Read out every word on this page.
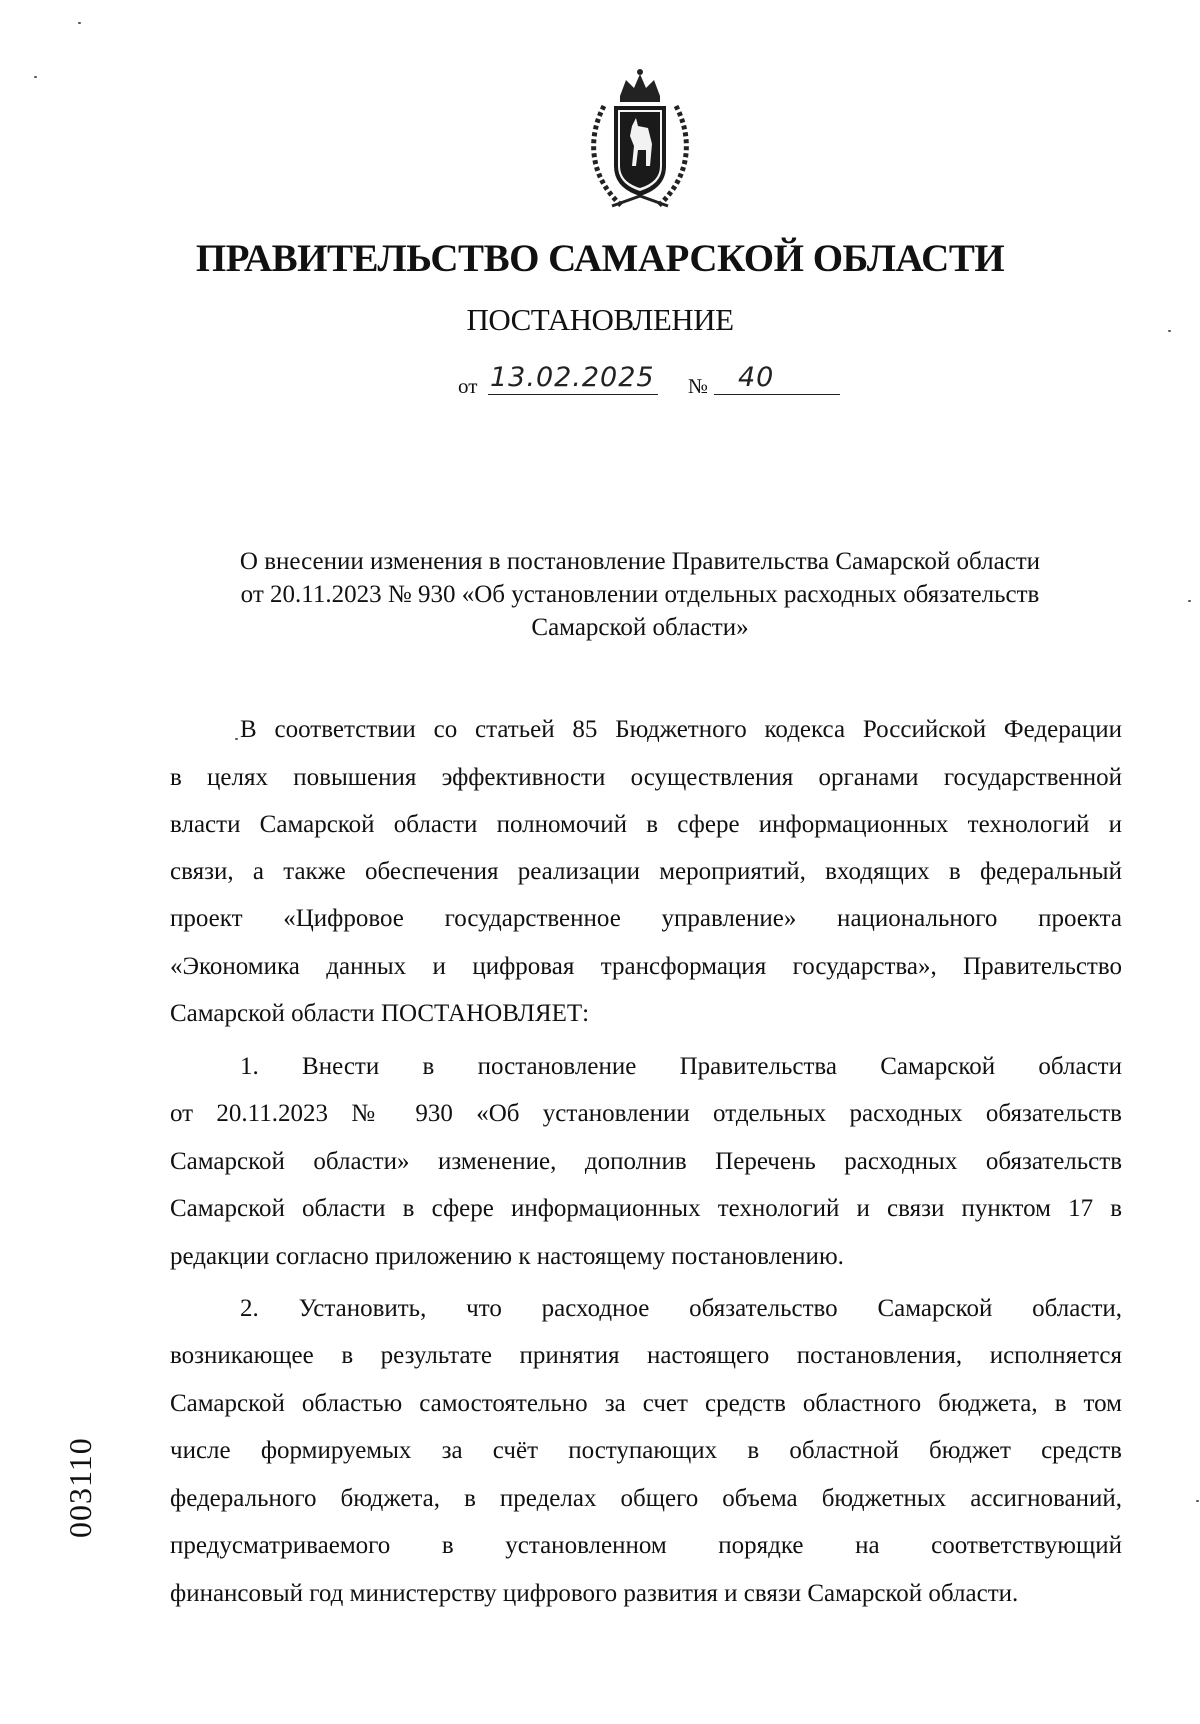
ПРАВИТЕЛЬСТВО САМАРСКОЙ ОБЛАСТИ
ПОСТАНОВЛЕНИЕ
от 13.02.2025 № 40
О внесении изменения в постановление Правительства Самарской области
от 20.11.2023 № 930 «Об установлении отдельных расходных обязательств
Самарской области»
В соответствии со статьей 85 Бюджетного кодекса Российской Федерации
в целях повышения эффективности осуществления органами государственной
власти Самарской области полномочий в сфере информационных технологий и
связи, а также обеспечения реализации мероприятий, входящих в федеральный
проект «Цифровое государственное управление» национального проекта
«Экономика данных и цифровая трансформация государства», Правительство
Самарской области ПОСТАНОВЛЯЕТ:
1. Внести в постановление Правительства Самарской области
от 20.11.2023 № 930 «Об установлении отдельных расходных обязательств
Самарской области» изменение, дополнив Перечень расходных обязательств
Самарской области в сфере информационных технологий и связи пунктом 17 в
редакции согласно приложению к настоящему постановлению.
2. Установить, что расходное обязательство Самарской области,
возникающее в результате принятия настоящего постановления, исполняется
Самарской областью самостоятельно за счет средств областного бюджета, в том
числе формируемых за счёт поступающих в областной бюджет средств
федерального бюджета, в пределах общего объема бюджетных ассигнований,
предусматриваемого в установленном порядке на соответствующий
финансовый год министерству цифрового развития и связи Самарской области.
003110
